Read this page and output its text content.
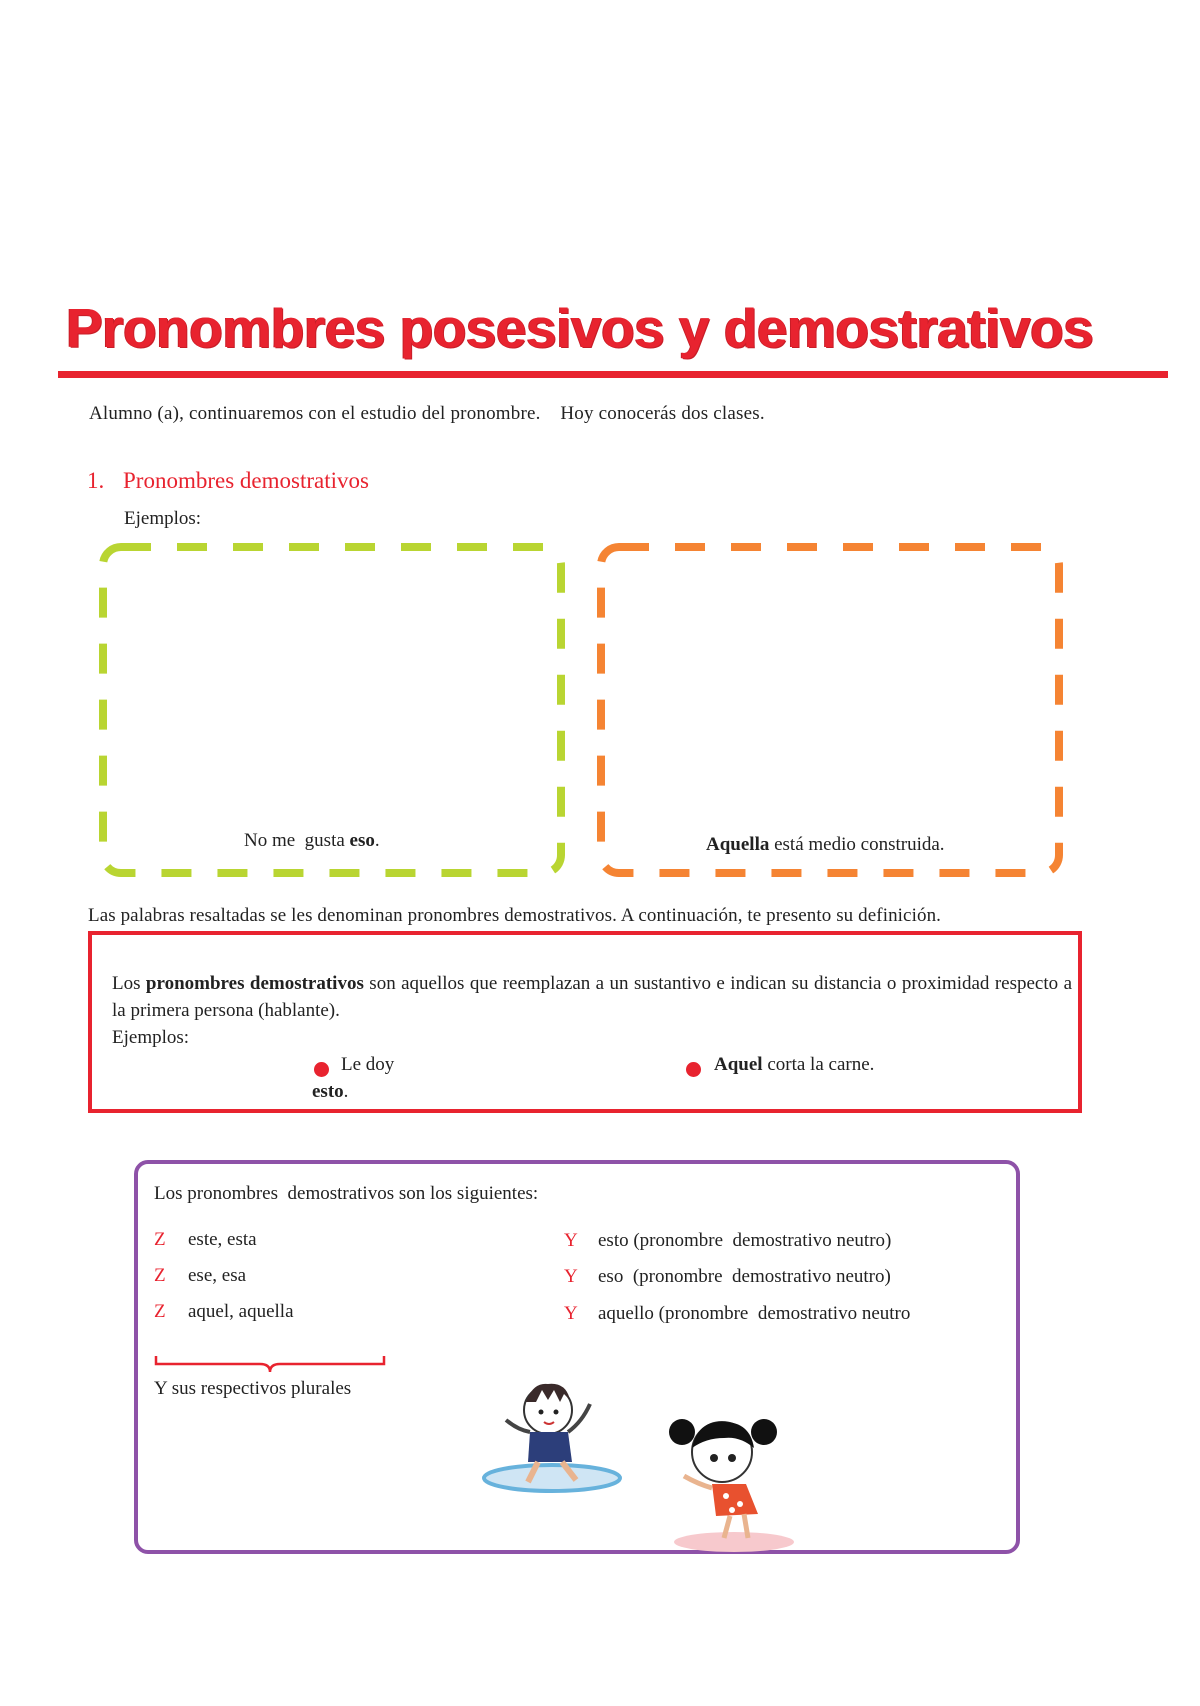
Pronombres posesivos y demostrativos
Alumno (a), continuaremos con el estudio del pronombre.    Hoy conocerás dos clases.
1. Pronombres demostrativos
Ejemplos:
No me  gusta eso.	Aquella está medio construida.
Las palabras resaltadas se les denominan pronombres demostrativos. A continuación, te presento su definición.
Los pronombres demostrativos son aquellos que reemplazan a un sustantivo e indican su distancia o proximidad respecto a la primera persona (hablante).
Ejemplos:
Le doy
esto.
Aquel corta la carne.
Los pronombres  demostrativos son los siguientes:
Z este, esta
Z ese, esa
Z aquel, aquella
Y esto (pronombre  demostrativo neutro)
Y eso  (pronombre  demostrativo neutro)
Y aquello (pronombre  demostrativo neutro
Y sus respectivos plurales
